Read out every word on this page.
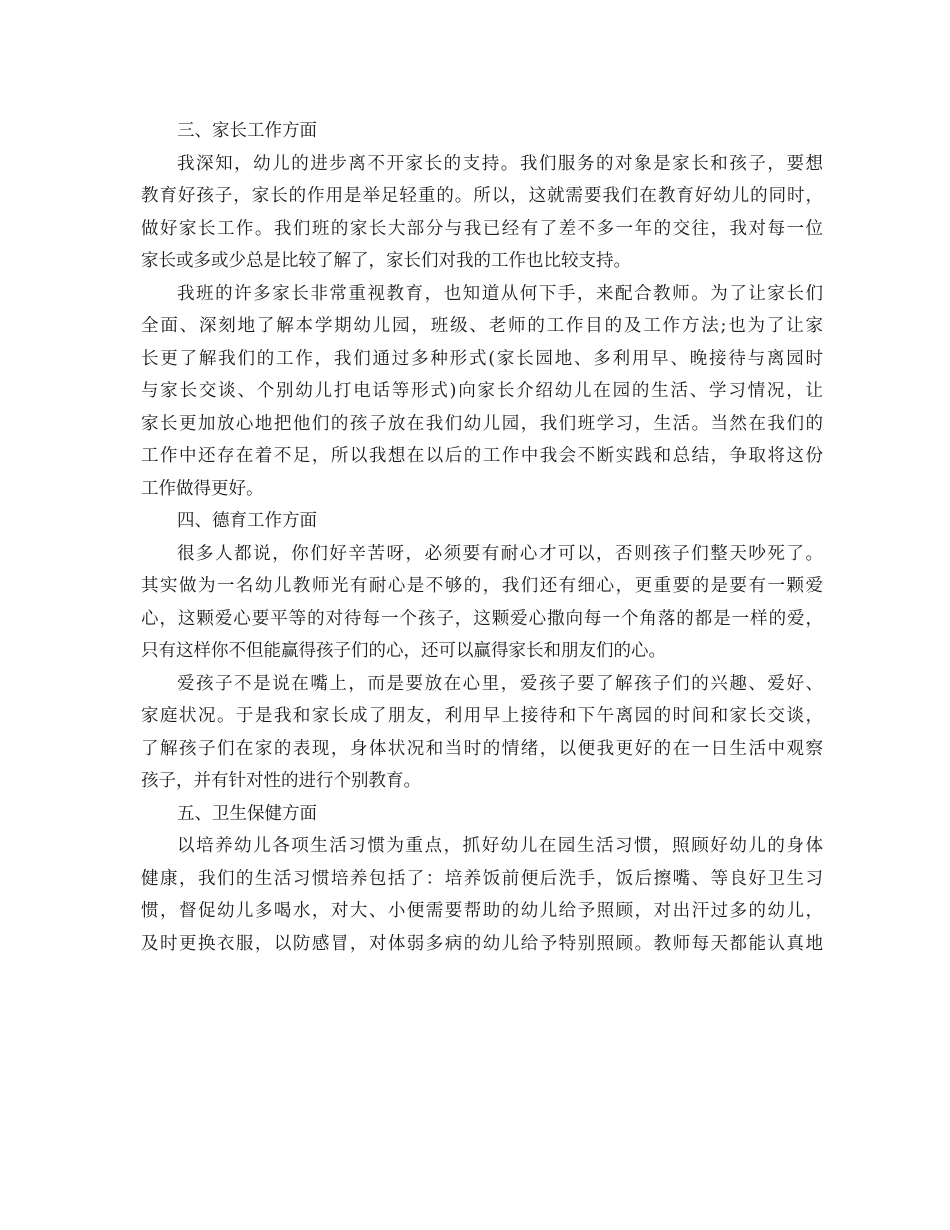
三、家长工作方面
我深知，幼儿的进步离不开家长的支持。我们服务的对象是家长和孩子，要想
教育好孩子，家长的作用是举足轻重的。所以，这就需要我们在教育好幼儿的同时，
做好家长工作。我们班的家长大部分与我已经有了差不多一年的交往，我对每一位
家长或多或少总是比较了解了，家长们对我的工作也比较支持。
我班的许多家长非常重视教育，也知道从何下手，来配合教师。为了让家长们
全面、深刻地了解本学期幼儿园，班级、老师的工作目的及工作方法;也为了让家
长更了解我们的工作，我们通过多种形式(家长园地、多利用早、晚接待与离园时
与家长交谈、个别幼儿打电话等形式)向家长介绍幼儿在园的生活、学习情况，让
家长更加放心地把他们的孩子放在我们幼儿园，我们班学习，生活。当然在我们的
工作中还存在着不足，所以我想在以后的工作中我会不断实践和总结，争取将这份
工作做得更好。
四、德育工作方面
很多人都说，你们好辛苦呀，必须要有耐心才可以，否则孩子们整天吵死了。
其实做为一名幼儿教师光有耐心是不够的，我们还有细心，更重要的是要有一颗爱
心，这颗爱心要平等的对待每一个孩子，这颗爱心撒向每一个角落的都是一样的爱，
只有这样你不但能赢得孩子们的心，还可以赢得家长和朋友们的心。
爱孩子不是说在嘴上，而是要放在心里，爱孩子要了解孩子们的兴趣、爱好、
家庭状况。于是我和家长成了朋友，利用早上接待和下午离园的时间和家长交谈，
了解孩子们在家的表现，身体状况和当时的情绪，以便我更好的在一日生活中观察
孩子，并有针对性的进行个别教育。
五、卫生保健方面
以培养幼儿各项生活习惯为重点，抓好幼儿在园生活习惯，照顾好幼儿的身体
健康，我们的生活习惯培养包括了：培养饭前便后洗手，饭后擦嘴、等良好卫生习
惯，督促幼儿多喝水，对大、小便需要帮助的幼儿给予照顾，对出汗过多的幼儿，
及时更换衣服，以防感冒，对体弱多病的幼儿给予特别照顾。教师每天都能认真地
